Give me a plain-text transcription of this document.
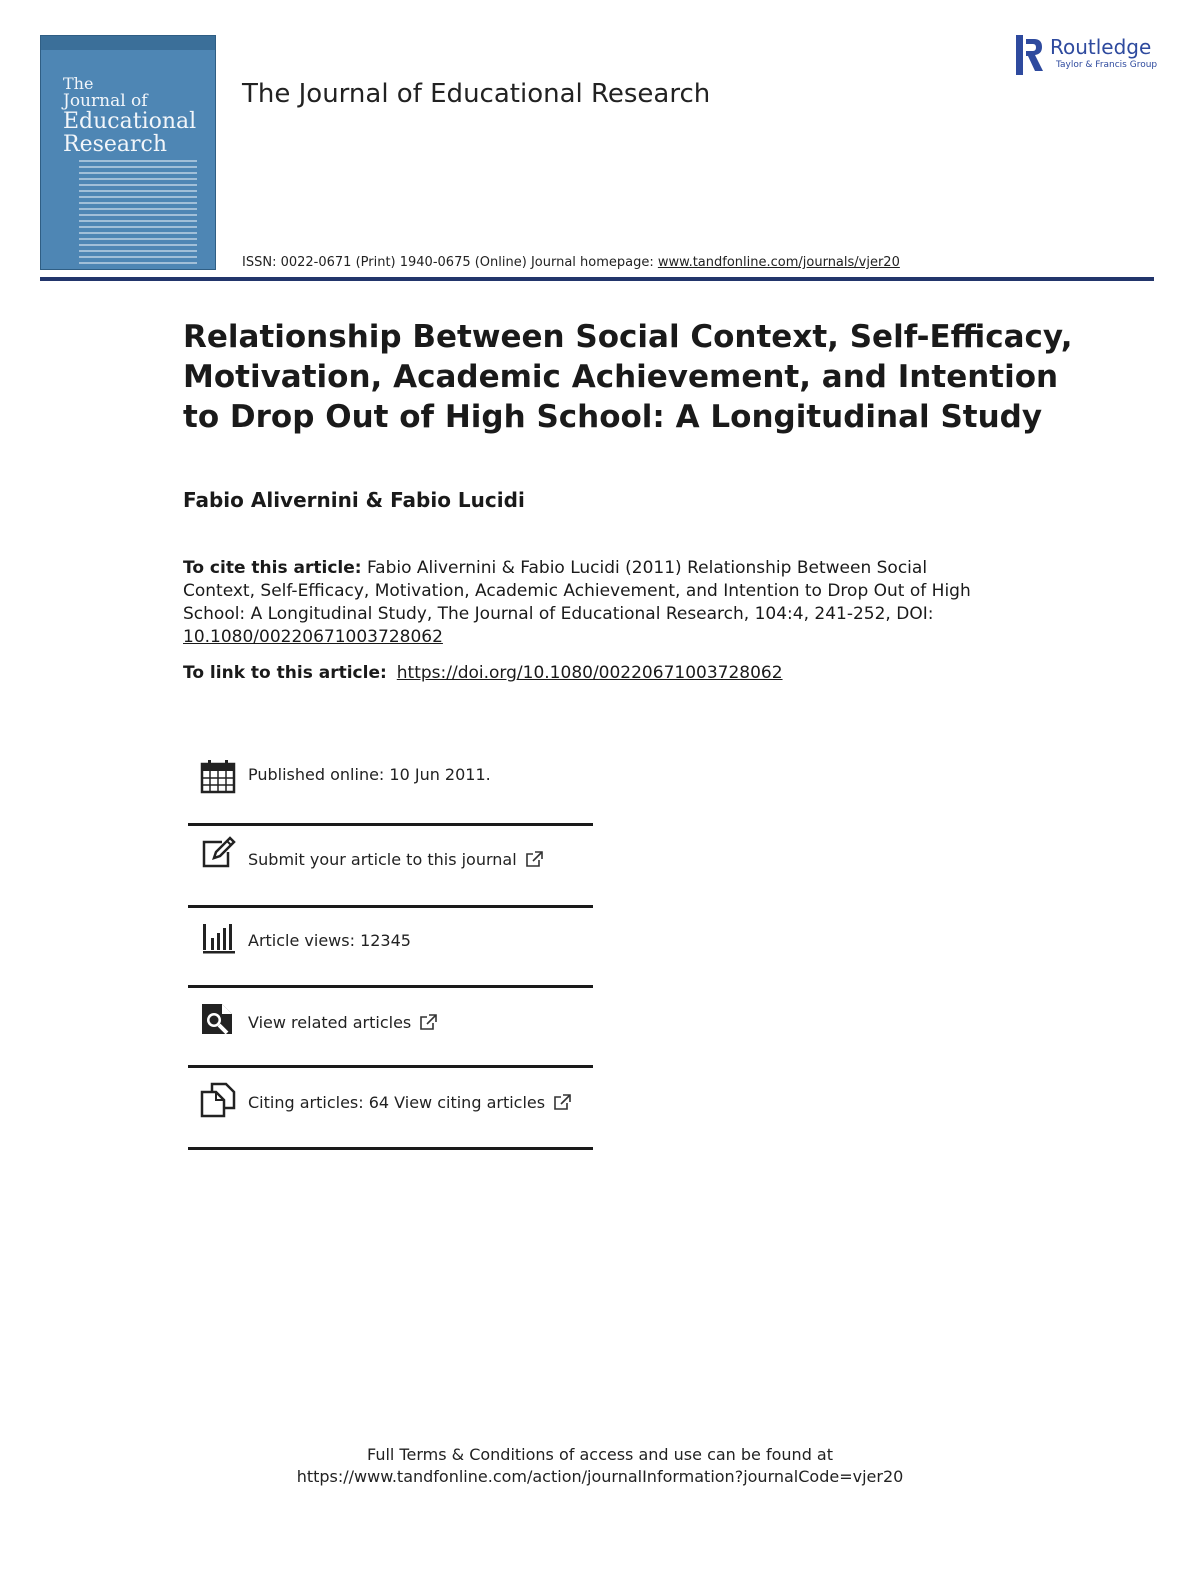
The
Journal of
Educational
Research
The Journal of Educational Research
Routledge
Taylor & Francis Group
ISSN: 0022-0671 (Print) 1940-0675 (Online) Journal homepage: www.tandfonline.com/journals/vjer20
Relationship Between Social Context, Self-Efficacy,
Motivation, Academic Achievement, and Intention
to Drop Out of High School: A Longitudinal Study
Fabio Alivernini & Fabio Lucidi
To cite this article: Fabio Alivernini & Fabio Lucidi (2011) Relationship Between Social
Context, Self-Efficacy, Motivation, Academic Achievement, and Intention to Drop Out of High
School: A Longitudinal Study, The Journal of Educational Research, 104:4, 241-252, DOI:
10.1080/00220671003728062
To link to this article: https://doi.org/10.1080/00220671003728062
Published online: 10 Jun 2011.
Submit your article to this journal
Article views: 12345
View related articles
Citing articles: 64 View citing articles
Full Terms & Conditions of access and use can be found at
https://www.tandfonline.com/action/journalInformation?journalCode=vjer20
